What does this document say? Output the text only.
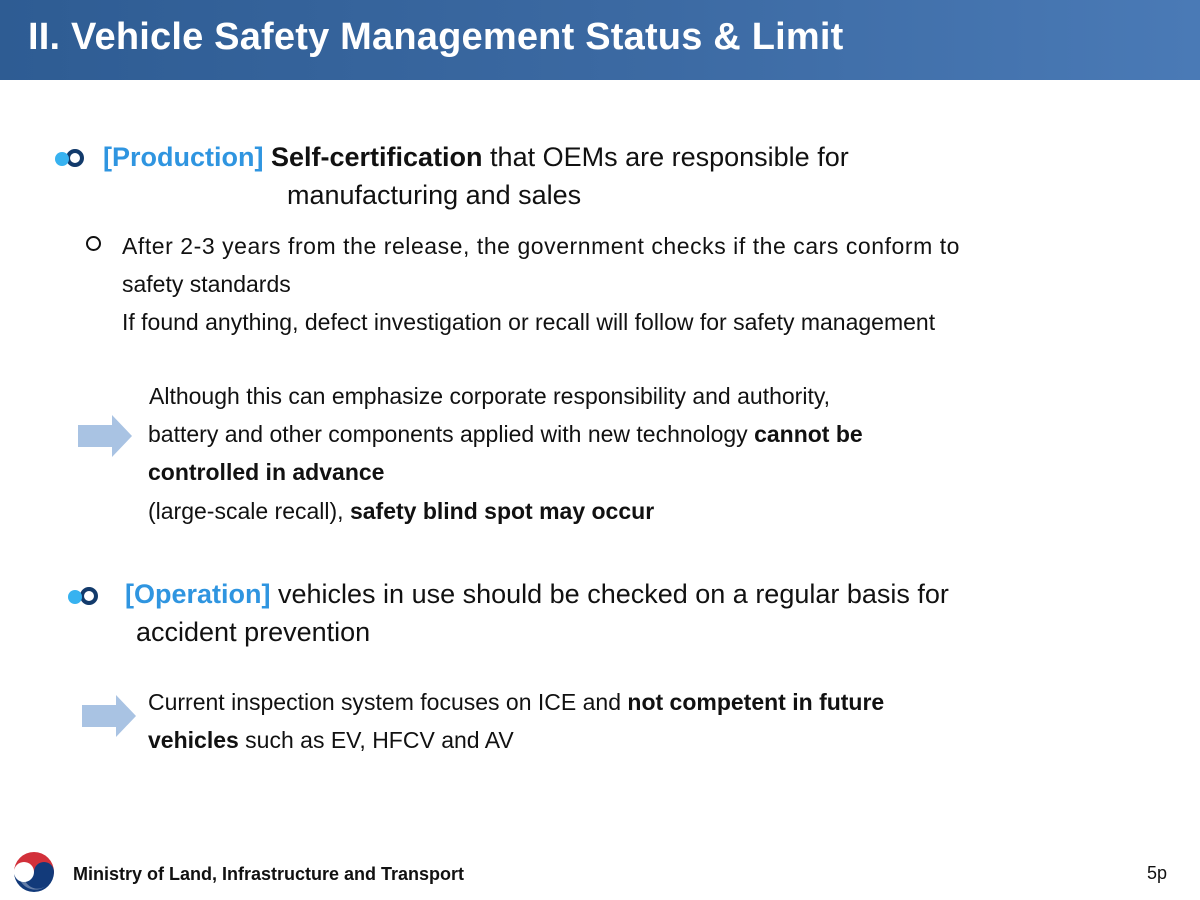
II. Vehicle Safety Management Status & Limit
[Production] Self-certification that OEMs are responsible for
manufacturing and sales
After 2-3 years from the release, the government checks if the cars conform to
safety standards
If found anything, defect investigation or recall will follow for safety management
Although this can emphasize corporate responsibility and authority,
battery and other components applied with new technology cannot be
controlled in advance
(large-scale recall), safety blind spot may occur
[Operation] vehicles in use should be checked on a regular basis for
accident prevention
Current inspection system focuses on ICE and not competent in future
vehicles such as EV, HFCV and AV
Ministry of Land, Infrastructure and Transport	5p
